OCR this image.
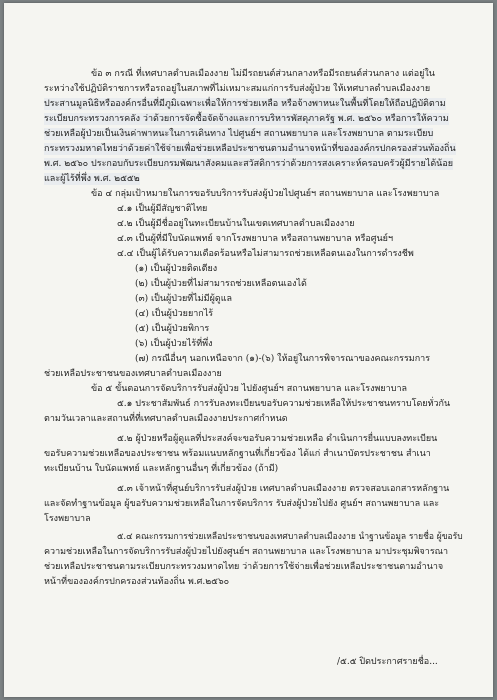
ข้อ ๓ กรณี ที่เทศบาลตำบลเมืองงาย ไม่มีรถยนต์ส่วนกลางหรือมีรถยนต์ส่วนกลาง แต่อยู่ใน

ระหว่างใช้ปฏิบัติราชการหรือรถอยู่ในสภาพที่ไม่เหมาะสมแก่การรับส่งผู้ป่วย ให้เทศบาลตำบลเมืองงาย

ประสานมูลนิธิหรือองค์กรอื่นที่มีภูมิเฉพาะเพื่อให้การช่วยเหลือ หรือจ้างพาหนะในพื้นที่โดยให้ถือปฏิบัติตาม

ระเบียบกระทรวงการคลัง ว่าด้วยการจัดซื้อจัดจ้างและการบริหารพัสดุภาครัฐ พ.ศ. ๒๕๖๐ หรือการให้ความ

ช่วยเหลือผู้ป่วยเป็นเงินค่าพาหนะในการเดินทาง ไปศูนย์ฯ สถานพยาบาล และโรงพยาบาล ตามระเบียบ

กระทรวงมหาดไทยว่าด้วยค่าใช้จ่ายเพื่อช่วยเหลือประชาชนตามอำนาจหน้าที่ขององค์กรปกครองส่วนท้องถิ่น

พ.ศ. ๒๕๖๐ ประกอบกับระเบียบกรมพัฒนาสังคมและสวัสดิการว่าด้วยการสงเคราะห์ครอบครัวผู้มีรายได้น้อย

และผู้ไร้ที่พึ่ง พ.ศ. ๒๕๕๒

ข้อ ๔ กลุ่มเป้าหมายในการขอรับบริการรับส่งผู้ป่วยไปศูนย์ฯ สถานพยาบาล และโรงพยาบาล

๔.๑ เป็นผู้มีสัญชาติไทย

๔.๒ เป็นผู้มีชื่ออยู่ในทะเบียนบ้านในเขตเทศบาลตำบลเมืองงาย

๔.๓ เป็นผู้ที่มีใบนัดแพทย์ จากโรงพยาบาล หรือสถานพยาบาล หรือศูนย์ฯ

๔.๔ เป็นผู้ได้รับความเดือดร้อนหรือไม่สามารถช่วยเหลือตนเองในการดำรงชีพ

(๑) เป็นผู้ป่วยติดเตียง

(๒) เป็นผู้ป่วยที่ไม่สามารถช่วยเหลือตนเองได้

(๓) เป็นผู้ป่วยที่ไม่มีผู้ดูแล

(๔) เป็นผู้ป่วยยากไร้

(๕) เป็นผู้ป่วยพิการ

(๖) เป็นผู้ป่วยไร้ที่พึ่ง

(๗) กรณีอื่นๆ นอกเหนือจาก (๑)-(๖) ให้อยู่ในการพิจารณาของคณะกรรมการ

ช่วยเหลือประชาชนของเทศบาลตำบลเมืองงาย

ข้อ ๕ ขั้นตอนการจัดบริการรับส่งผู้ป่วย ไปยังศูนย์ฯ สถานพยาบาล และโรงพยาบาล

๕.๑ ประชาสัมพันธ์ การรับลงทะเบียนขอรับความช่วยเหลือให้ประชาชนทราบโดยทั่วกัน

ตามวันเวลาและสถานที่ที่เทศบาลตำบลเมืองงายประกาศกำหนด

๕.๒ ผู้ป่วยหรือผู้ดูแลที่ประสงค์จะขอรับความช่วยเหลือ ดำเนินการยื่นแบบลงทะเบียน

ขอรับความช่วยเหลือของประชาชน พร้อมแนบหลักฐานที่เกี่ยวข้อง ได้แก่ สำเนาบัตรประชาชน สำเนา

ทะเบียนบ้าน ใบนัดแพทย์ และหลักฐานอื่นๆ ที่เกี่ยวข้อง (ถ้ามี)

๕.๓ เจ้าหน้าที่ศูนย์บริการรับส่งผู้ป่วย เทศบาลตำบลเมืองงาย ตรวจสอบเอกสารหลักฐาน

และจัดทำฐานข้อมูล ผู้ขอรับความช่วยเหลือในการจัดบริการ รับส่งผู้ป่วยไปยัง ศูนย์ฯ สถานพยาบาล และ

โรงพยาบาล

๕.๔ คณะกรรมการช่วยเหลือประชาชนของเทศบาลตำบลเมืองงาย นำฐานข้อมูล รายชื่อ ผู้ขอรับ

ความช่วยเหลือในการจัดบริการรับส่งผู้ป่วยไปยังศูนย์ฯ สถานพยาบาล และโรงพยาบาล มาประชุมพิจารณา

ช่วยเหลือประชาชนตามระเบียบกระทรวงมหาดไทย ว่าด้วยการใช้จ่ายเพื่อช่วยเหลือประชาชนตามอำนาจ

หน้าที่ขององค์กรปกครองส่วนท้องถิ่น พ.ศ.๒๕๖๐

/๕.๕ ปิดประกาศรายชื่อ...
